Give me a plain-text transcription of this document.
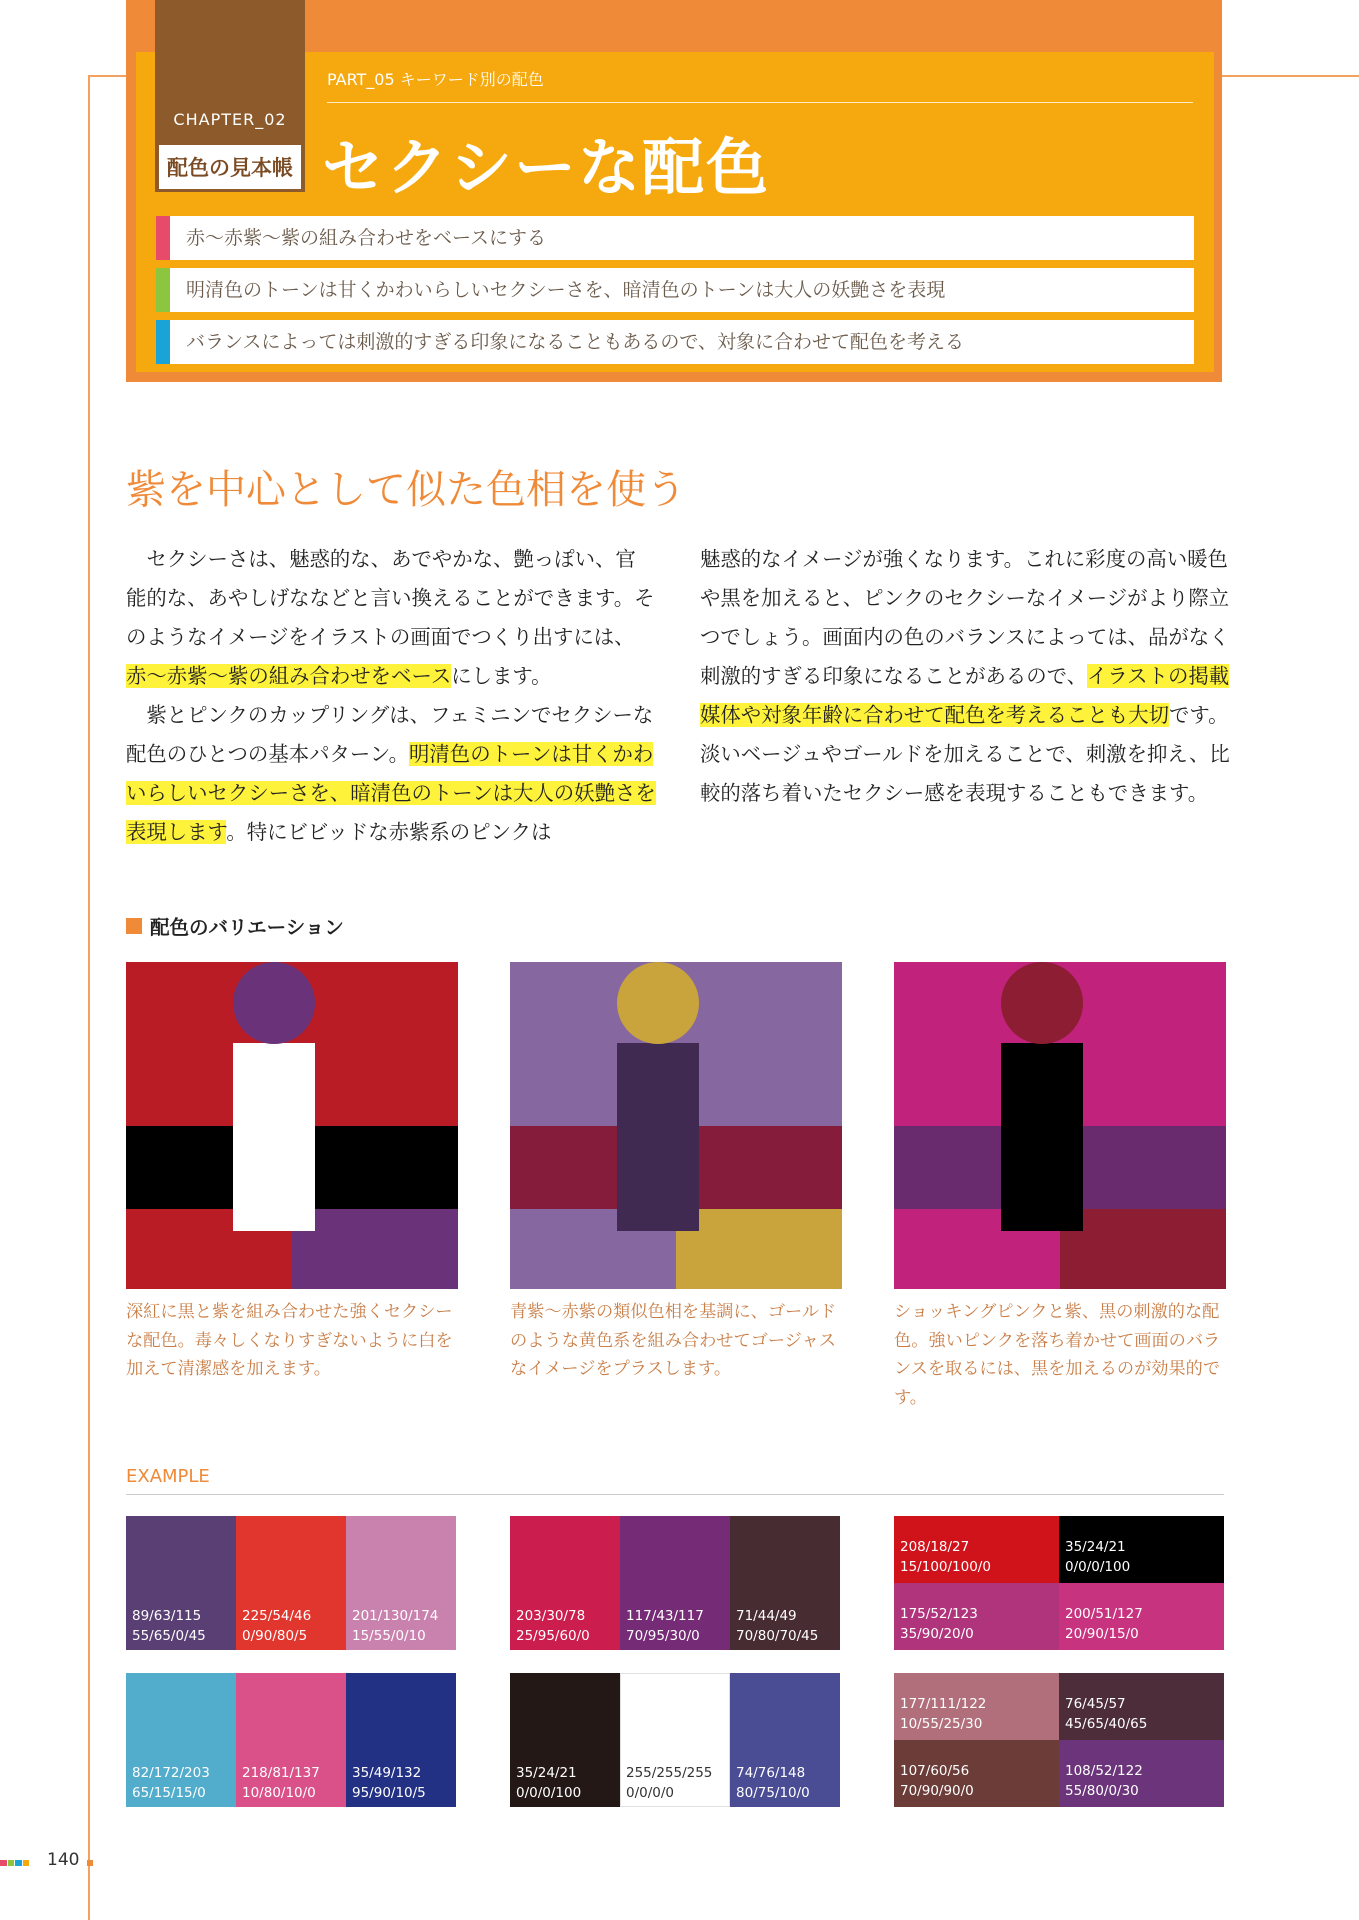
CHAPTER_02
配色の見本帳
PART_05 キーワード別の配色
セクシーな配色
赤〜赤紫〜紫の組み合わせをベースにする
明清色のトーンは甘くかわいらしいセクシーさを、暗清色のトーンは大人の妖艶さを表現
バランスによっては刺激的すぎる印象になることもあるので、対象に合わせて配色を考える
紫を中心として似た色相を使う

セクシーさは、魅惑的な、あでやかな、艶っぽい、官能的な、あやしげななどと言い換えることができます。そのようなイメージをイラストの画面でつくり出すには、赤〜赤紫〜紫の組み合わせをベースにします。

紫とピンクのカップリングは、フェミニンでセクシーな配色のひとつの基本パターン。明清色のトーンは甘くかわいらしいセクシーさを、暗清色のトーンは大人の妖艶さを表現します。特にビビッドな赤紫系のピンクは

魅惑的なイメージが強くなります。これに彩度の高い暖色や黒を加えると、ピンクのセクシーなイメージがより際立つでしょう。画面内の色のバランスによっては、品がなく刺激的すぎる印象になることがあるので、イラストの掲載媒体や対象年齢に合わせて配色を考えることも大切です。淡いベージュやゴールドを加えることで、刺激を抑え、比較的落ち着いたセクシー感を表現することもできます。

配色のバリエーション
深紅に黒と紫を組み合わせた強くセクシーな配色。毒々しくなりすぎないように白を加えて清潔感を加えます。
青紫〜赤紫の類似色相を基調に、ゴールドのような黄色系を組み合わせてゴージャスなイメージをプラスします。
ショッキングピンクと紫、黒の刺激的な配色。強いピンクを落ち着かせて画面のバランスを取るには、黒を加えるのが効果的です。
EXAMPLE
89/63/115
55/65/0/45
225/54/46
0/90/80/5
201/130/174
15/55/0/10
82/172/203
65/15/15/0
218/81/137
10/80/10/0
35/49/132
95/90/10/5
203/30/78
25/95/60/0
117/43/117
70/95/30/0
71/44/49
70/80/70/45
35/24/21
0/0/0/100
255/255/255
0/0/0/0
74/76/148
80/75/10/0
208/18/27
15/100/100/0
35/24/21
0/0/0/100
175/52/123
35/90/20/0
200/51/127
20/90/15/0
177/111/122
10/55/25/30
76/45/57
45/65/40/65
107/60/56
70/90/90/0
108/52/122
55/80/0/30
140
